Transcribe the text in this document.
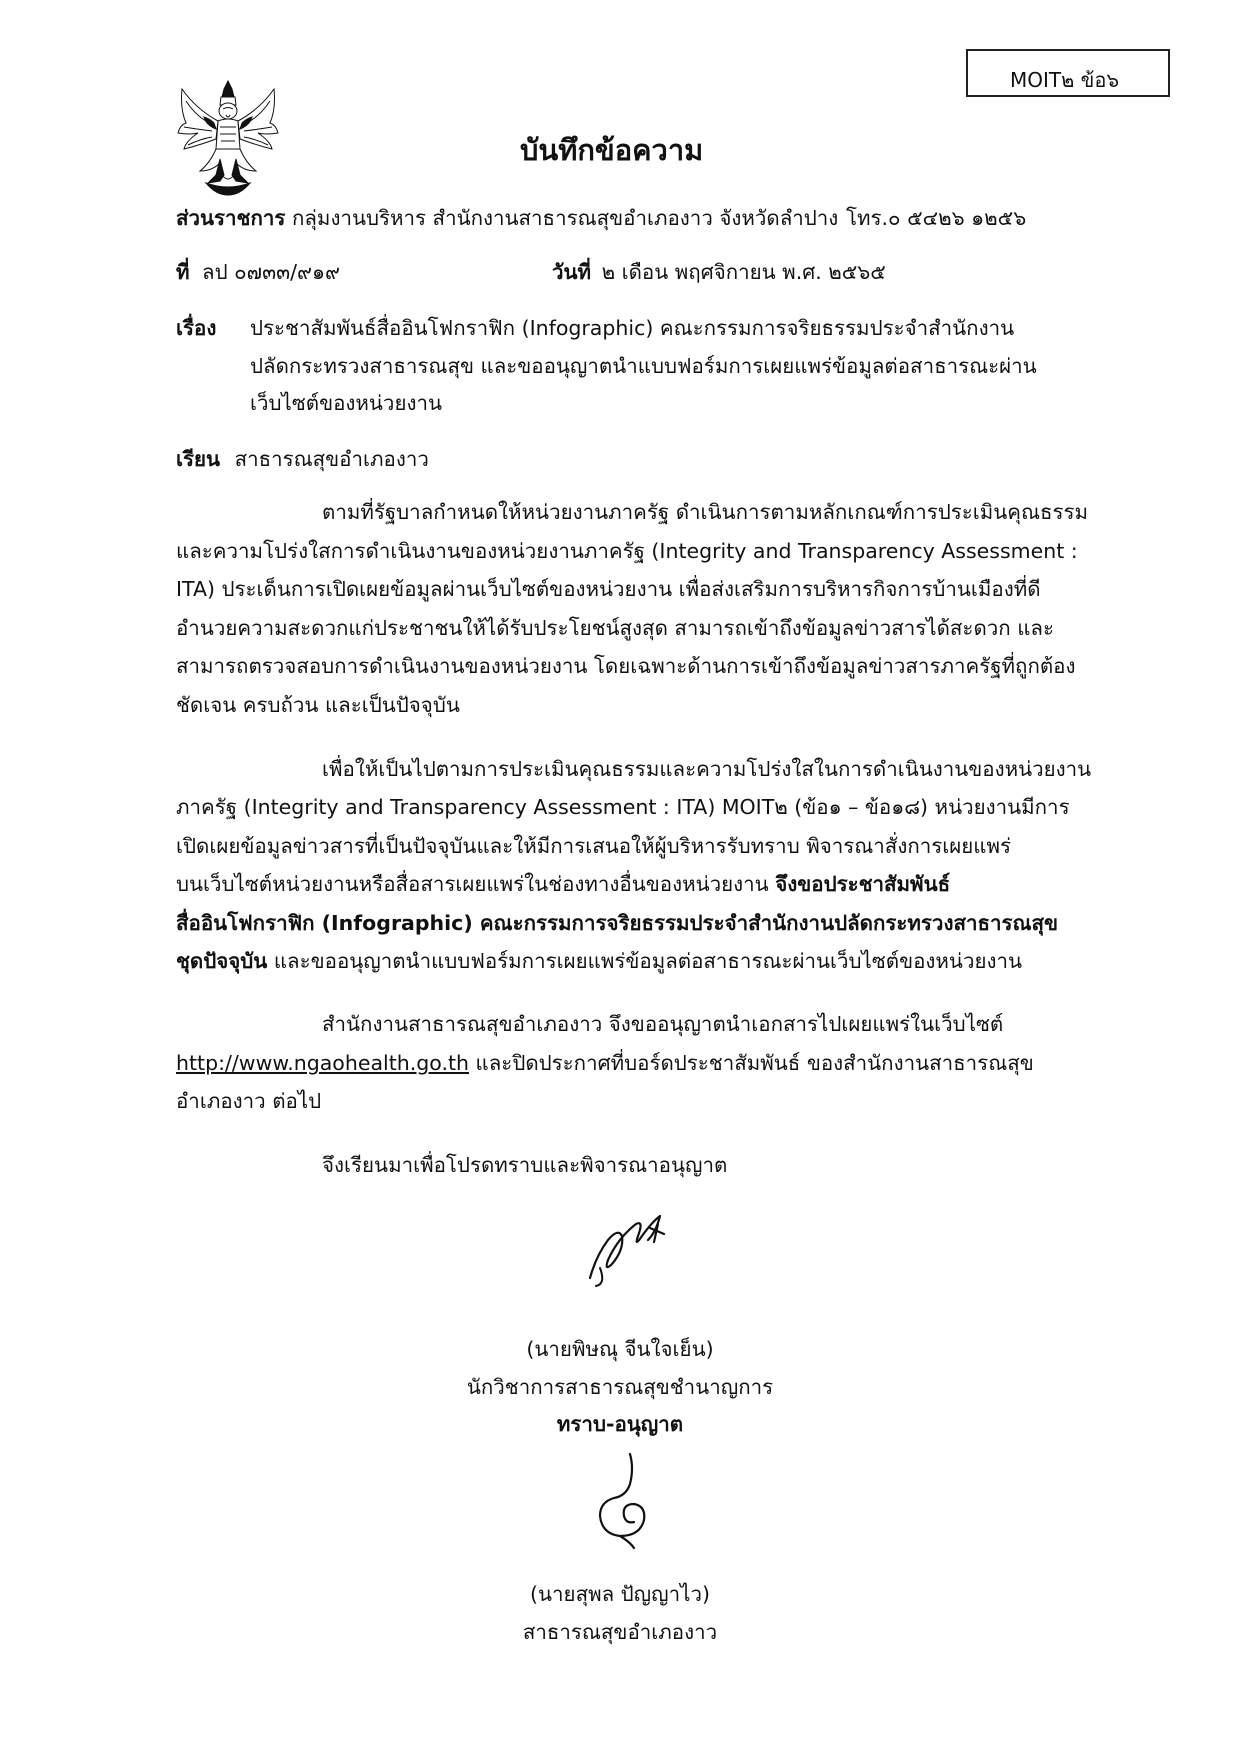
MOIT๒ ข้อ๖
บันทึกข้อความ
ส่วนราชการ กลุ่มงานบริหาร สำนักงานสาธารณสุขอำเภองาว จังหวัดลำปาง โทร.๐ ๕๔๒๖ ๑๒๕๖
ที่ ลป ๐๗๓๓/๙๑๙	วันที่ ๒ เดือน พฤศจิกายน พ.ศ. ๒๕๖๕
เรื่อง ประชาสัมพันธ์สื่ออินโฟกราฟิก (Infographic) คณะกรรมการจริยธรรมประจำสำนักงาน
ปลัดกระทรวงสาธารณสุข และขออนุญาตนำแบบฟอร์มการเผยแพร่ข้อมูลต่อสาธารณะผ่าน
เว็บไซต์ของหน่วยงาน
เรียน สาธารณสุขอำเภองาว
ตามที่รัฐบาลกำหนดให้หน่วยงานภาครัฐ ดำเนินการตามหลักเกณฑ์การประเมินคุณธรรม
และความโปร่งใสการดำเนินงานของหน่วยงานภาครัฐ (Integrity and Transparency Assessment :
ITA) ประเด็นการเปิดเผยข้อมูลผ่านเว็บไซต์ของหน่วยงาน เพื่อส่งเสริมการบริหารกิจการบ้านเมืองที่ดี
อำนวยความสะดวกแก่ประชาชนให้ได้รับประโยชน์สูงสุด สามารถเข้าถึงข้อมูลข่าวสารได้สะดวก และ
สามารถตรวจสอบการดำเนินงานของหน่วยงาน โดยเฉพาะด้านการเข้าถึงข้อมูลข่าวสารภาครัฐที่ถูกต้อง
ชัดเจน ครบถ้วน และเป็นปัจจุบัน
เพื่อให้เป็นไปตามการประเมินคุณธรรมและความโปร่งใสในการดำเนินงานของหน่วยงาน
ภาครัฐ (Integrity and Transparency Assessment : ITA) MOIT๒ (ข้อ๑ – ข้อ๑๘) หน่วยงานมีการ
เปิดเผยข้อมูลข่าวสารที่เป็นปัจจุบันและให้มีการเสนอให้ผู้บริหารรับทราบ พิจารณาสั่งการเผยแพร่
บนเว็บไซต์หน่วยงานหรือสื่อสารเผยแพร่ในช่องทางอื่นของหน่วยงาน จึงขอประชาสัมพันธ์
สื่ออินโฟกราฟิก (Infographic) คณะกรรมการจริยธรรมประจำสำนักงานปลัดกระทรวงสาธารณสุข
ชุดปัจจุบัน และขออนุญาตนำแบบฟอร์มการเผยแพร่ข้อมูลต่อสาธารณะผ่านเว็บไซต์ของหน่วยงาน
สำนักงานสาธารณสุขอำเภองาว จึงขออนุญาตนำเอกสารไปเผยแพร่ในเว็บไซต์
http://www.ngaohealth.go.th และปิดประกาศที่บอร์ดประชาสัมพันธ์ ของสำนักงานสาธารณสุข
อำเภองาว ต่อไป
จึงเรียนมาเพื่อโปรดทราบและพิจารณาอนุญาต
(นายพิษณุ จีนใจเย็น)
นักวิชาการสาธารณสุขชำนาญการ
ทราบ-อนุญาต
(นายสุพล ปัญญาไว)
สาธารณสุขอำเภองาว
